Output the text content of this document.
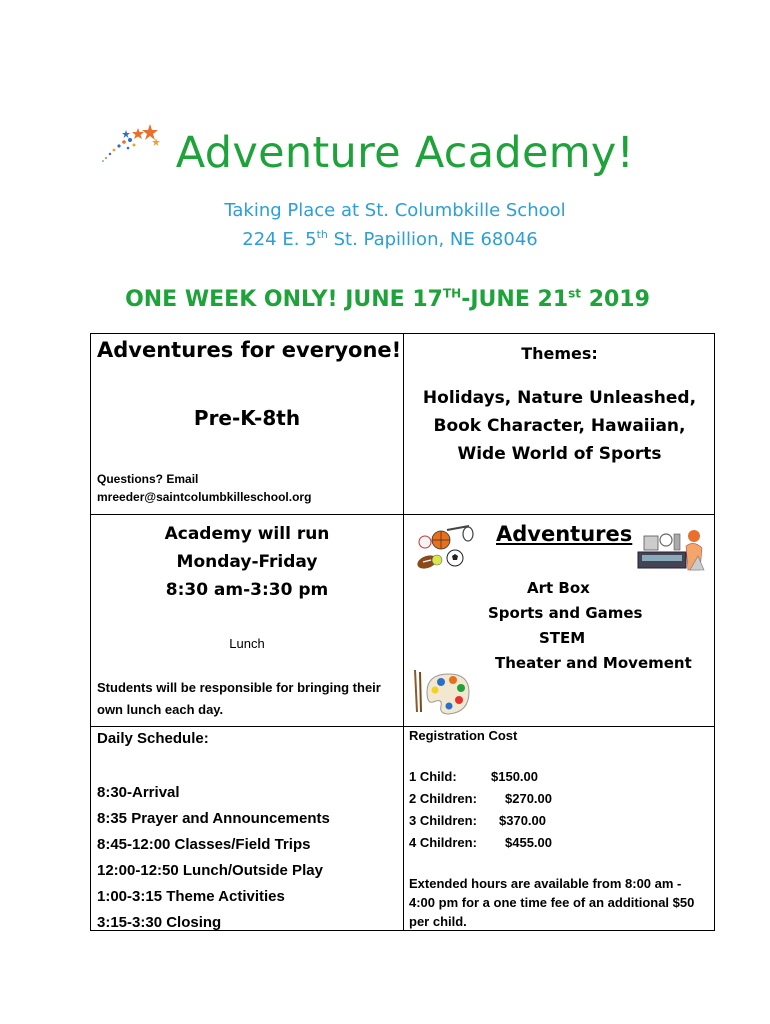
Adventure Academy!
Taking Place at St. Columbkille School
224 E. 5th St. Papillion, NE 68046
ONE WEEK ONLY! JUNE 17TH-JUNE 21st 2019
Adventures for everyone!
Pre-K-8th
Questions? Email
mreeder@saintcolumbkilleschool.org
Themes:
Holidays, Nature Unleashed,
Book Character, Hawaiian,
Wide World of Sports
Academy will run
Monday-Friday
8:30 am-3:30 pm
Lunch
Students will be responsible for bringing their own lunch each day.
Adventures
Art Box
Sports and Games
STEM
Theater and Movement
Daily Schedule:
8:30-Arrival
8:35 Prayer and Announcements
8:45-12:00 Classes/Field Trips
12:00-12:50 Lunch/Outside Play
1:00-3:15 Theme Activities
3:15-3:30 Closing
Registration Cost
1 Child:	$150.00
2 Children: $270.00
3 Children: $370.00
4 Children: $455.00
Extended hours are available from 8:00 am - 4:00 pm for a one time fee of an additional $50 per child.
